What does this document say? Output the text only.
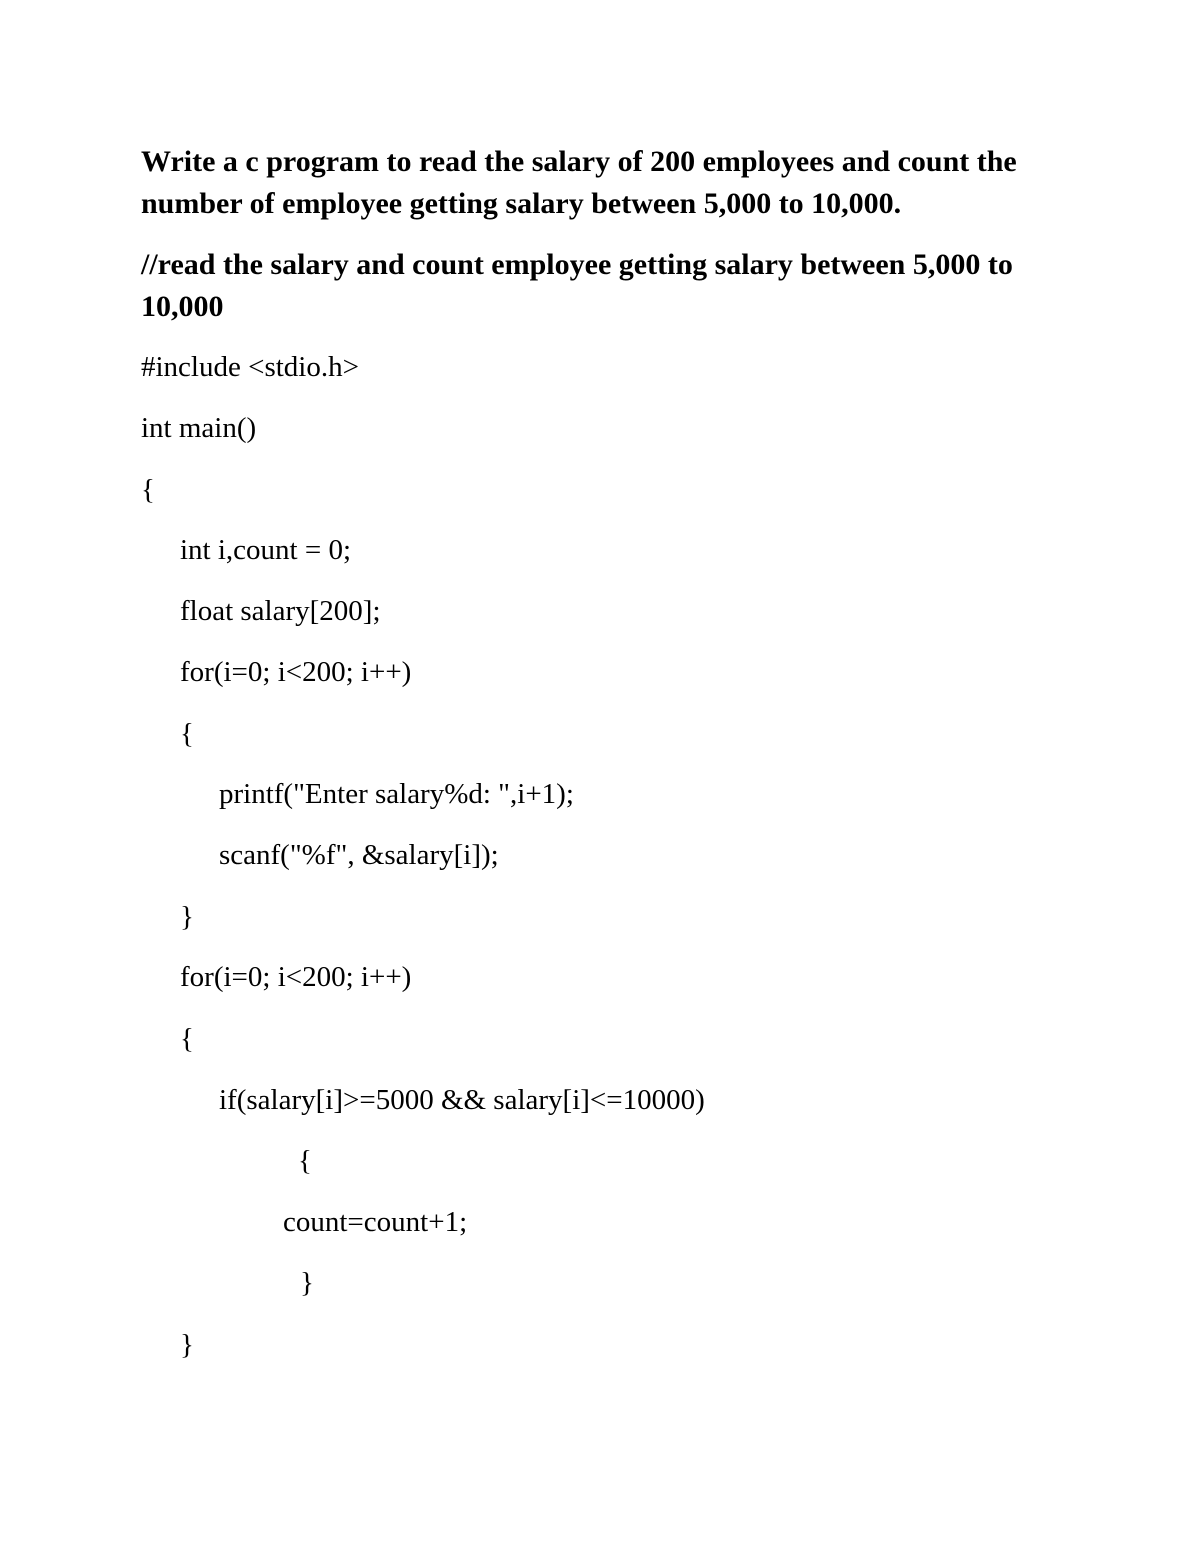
Write a c program to read the salary of 200 employees and count the number of employee getting salary between 5,000 to 10,000.

//read the salary and count employee getting salary between 5,000 to 10,000

#include <stdio.h>

int main()

{

int i,count = 0;

float salary[200];

for(i=0; i<200; i++)

{

printf("Enter salary%d: ",i+1);

scanf("%f", &salary[i]);

}

for(i=0; i<200; i++)

{

if(salary[i]>=5000 && salary[i]<=10000)

{

count=count+1;

}

}
